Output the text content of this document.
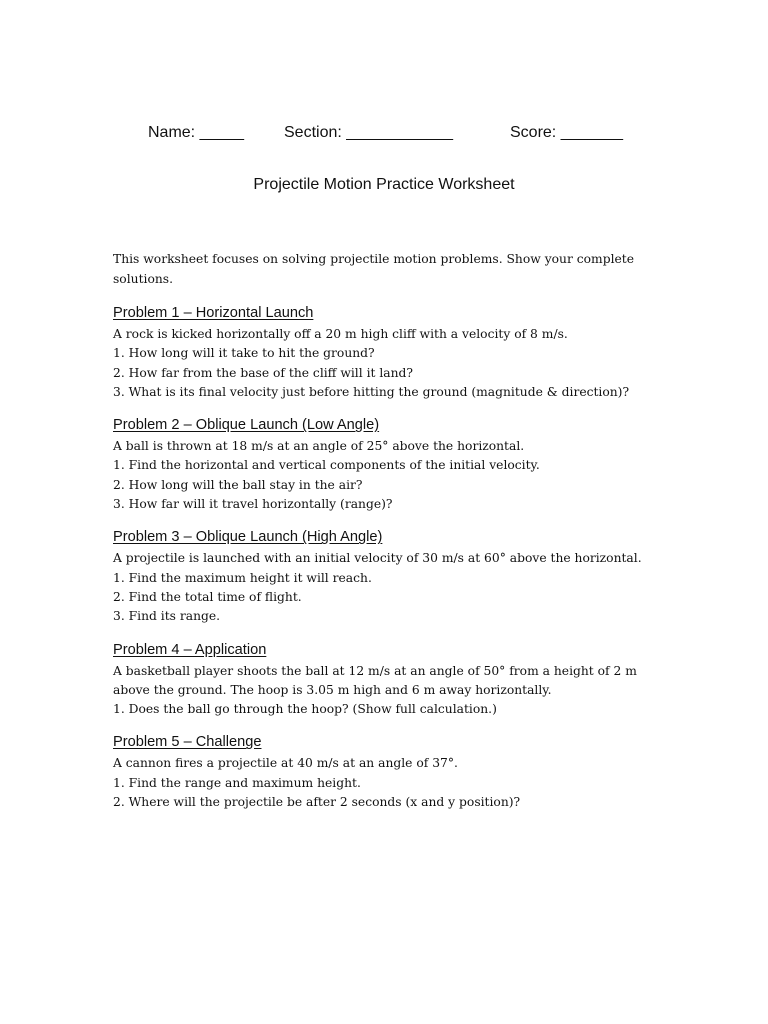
Name: _____ Section: ____________	Score: _______
Projectile Motion Practice Worksheet
This worksheet focuses on solving projectile motion problems. Show your complete solutions.
Problem 1 – Horizontal Launch
A rock is kicked horizontally off a 20 m high cliff with a velocity of 8 m/s.
1. How long will it take to hit the ground?
2. How far from the base of the cliff will it land?
3. What is its final velocity just before hitting the ground (magnitude & direction)?
Problem 2 – Oblique Launch (Low Angle)
A ball is thrown at 18 m/s at an angle of 25° above the horizontal.
1. Find the horizontal and vertical components of the initial velocity.
2. How long will the ball stay in the air?
3. How far will it travel horizontally (range)?
Problem 3 – Oblique Launch (High Angle)
A projectile is launched with an initial velocity of 30 m/s at 60° above the horizontal.
1. Find the maximum height it will reach.
2. Find the total time of flight.
3. Find its range.
Problem 4 – Application
A basketball player shoots the ball at 12 m/s at an angle of 50° from a height of 2 m above the ground. The hoop is 3.05 m high and 6 m away horizontally.
1. Does the ball go through the hoop? (Show full calculation.)
Problem 5 – Challenge
A cannon fires a projectile at 40 m/s at an angle of 37°.
1. Find the range and maximum height.
2. Where will the projectile be after 2 seconds (x and y position)?
